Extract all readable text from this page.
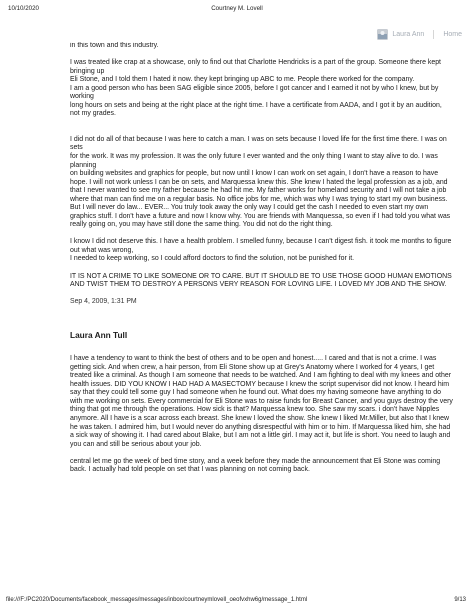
10/10/2020	Courtney M. Lovell
Laura Ann	Home

in this town and this industry.

I was treated like crap at a showcase, only to find out that Charlotte Hendricks is a part of the group. Someone there kept bringing up
Eli Stone, and I told them I hated it now. they kept bringing up ABC to me. People there worked for the company.
I am a good person who has been SAG eligible since 2005, before I got cancer and I earned it not by who I knew, but by working
long hours on sets and being at the right place at the right time. I have a certificate from AADA, and I got it by an audition, not my grades.

I did not do all of that because I was here to catch a man. I was on sets because I loved life for the first time there. I was on sets
for the work. It was my profession. It was the only future I ever wanted and the only thing I want to stay alive to do. I was planning
on building websites and graphics for people, but now until I know I can work on set again, I don't have a reason to have hope. I will not work unless I can be on sets, and Marquessa knew this. She knew I hated the legal profession as a job, and that I never wanted to see my father because he had hit me. My father works for homeland security and I will not take a job where that man can find me on a regular basis. No office jobs for me, which was why I was trying to start my own business. But I will never do law... EVER... You truly took away the only way I could get the cash I needed to even start my own graphics stuff. I don't have a future and now I know why. You are friends with Manquessa, so even if I had told you what was really going on, you may have still done the same thing. You did not do the right thing.

I know I did not deserve this. I have a health problem. I smelled funny, because I can't digest fish. it took me months to figure out what was wrong,
I needed to keep working, so I could afford doctors to find the solution, not be punished for it.

IT IS NOT A CRIME TO LIKE SOMEONE OR TO CARE. BUT IT SHOULD BE TO USE THOSE GOOD HUMAN EMOTIONS AND TWIST THEM TO DESTROY A PERSONS VERY REASON FOR LOVING LIFE. I LOVED MY JOB AND THE SHOW.

Sep 4, 2009, 1:31 PM
Laura Ann Tull

I have a tendency to want to think the best of others and to be open and honest..... I cared and that is not a crime. I was getting sick. And when crew, a hair person, from Eli Stone show up at Grey's Anatomy where I worked for 4 years, I get treated like a criminal. As though I am someone that needs to be watched. And I am fighting to deal with my knees and other health issues. DID YOU KNOW I HAD HAD A MASECTOMY because I knew the script supervisor did not know. I heard him say that they could tell some guy I had someone when he found out. What does my having someone have anything to do with me working on sets. Every commercial for Eli Stone was to raise funds for Breast Cancer, and you guys destroy the very thing that got me through the operations. How sick is that? Marquessa knew too. She saw my scars. i don't have Nipples anymore. All I have is a scar across each breast. She knew I loved the show. She knew I liked Mr.Miller, but also that I knew he was taken. I admired him, but I would never do anything disrespectful with him or to him. If Marquessa liked him, she had a sick way of showing it. I had cared about Blake, but I am not a little girl. I may act it, but life is short. You need to laugh and you can and still be serious about your job.

central let me go the week of bed time story, and a week before they made the announcement that Eli Stone was coming back. I actually had told people on set that I was planning on not coming back.

file:///F:/PC2020/Documents/facebook_messages/messages/inbox/courtneymlovell_oeofvxhw6g/message_1.html	9/13
